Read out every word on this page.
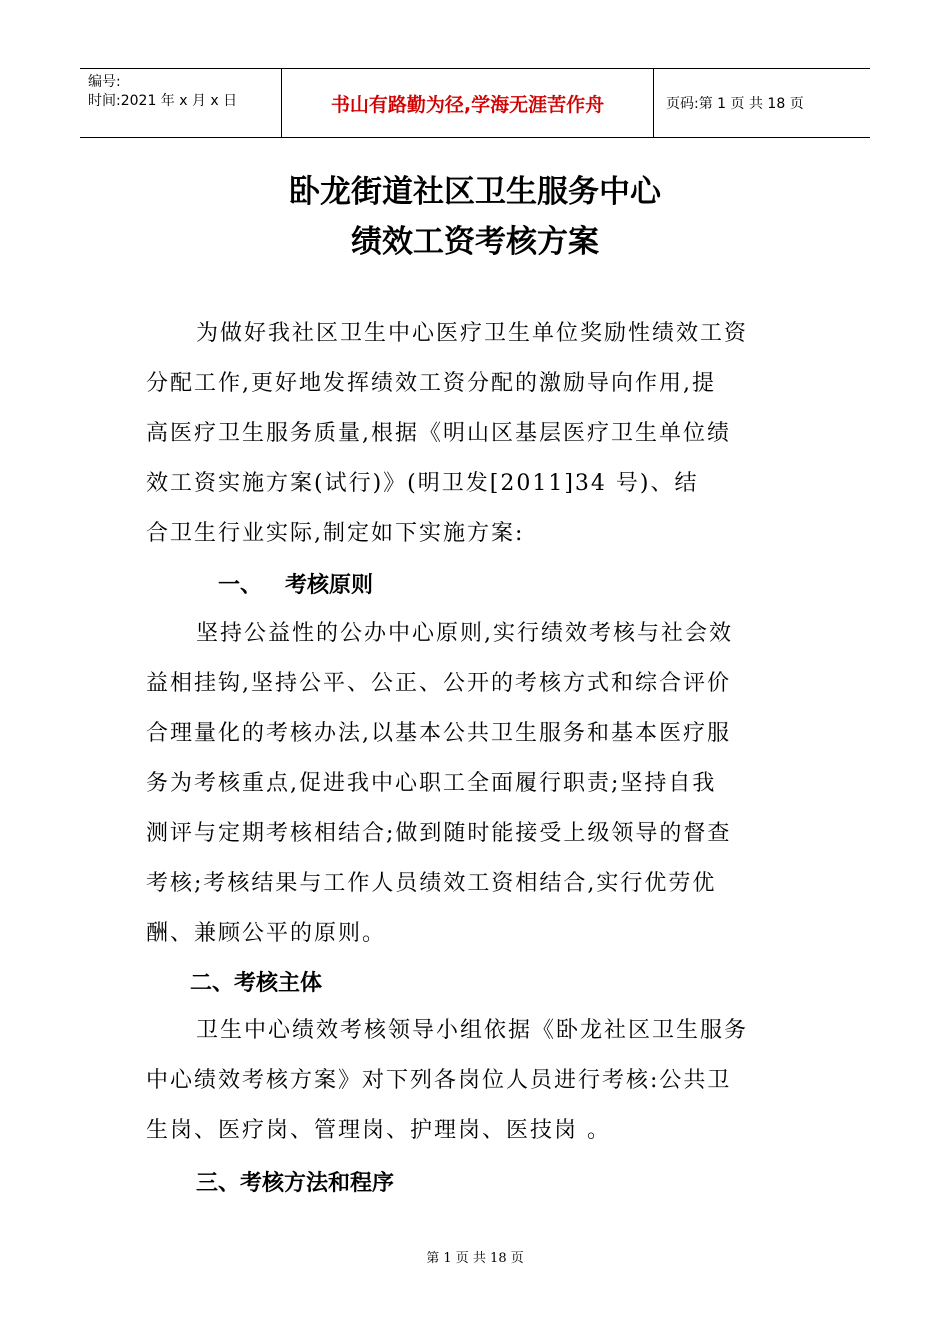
编号:
时间:2021 年 x 月 x 日	书山有路勤为径,学海无涯苦作舟	页码:第 1 页 共 18 页
卧龙街道社区卫生服务中心
绩效工资考核方案
为做好我社区卫生中心医疗卫生单位奖励性绩效工资
分配工作,更好地发挥绩效工资分配的激励导向作用,提
高医疗卫生服务质量,根据《明山区基层医疗卫生单位绩
效工资实施方案(试行)》(明卫发[2011]34 号)、结
合卫生行业实际,制定如下实施方案:
一、   考核原则
坚持公益性的公办中心原则,实行绩效考核与社会效
益相挂钩,坚持公平、公正、公开的考核方式和综合评价
合理量化的考核办法,以基本公共卫生服务和基本医疗服
务为考核重点,促进我中心职工全面履行职责;坚持自我
测评与定期考核相结合;做到随时能接受上级领导的督查
考核;考核结果与工作人员绩效工资相结合,实行优劳优
酬、兼顾公平的原则。
二、考核主体
卫生中心绩效考核领导小组依据《卧龙社区卫生服务
中心绩效考核方案》对下列各岗位人员进行考核:公共卫
生岗、医疗岗、管理岗、护理岗、医技岗 。
三、考核方法和程序
第 1 页 共 18 页
